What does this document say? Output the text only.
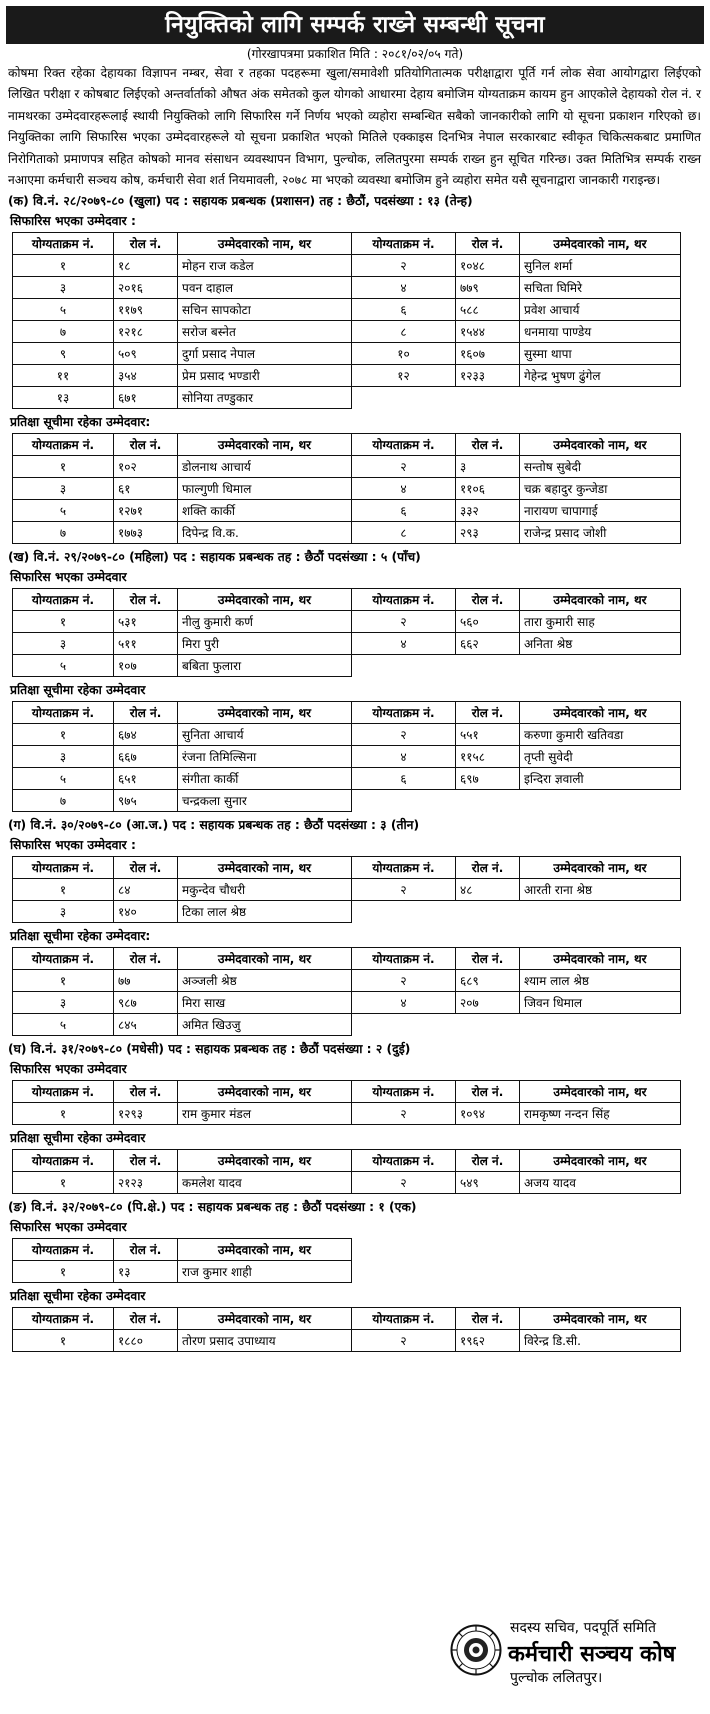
नियुक्तिको लागि सम्पर्क राख्ने सम्बन्धी सूचना
(गोरखापत्रमा प्रकाशित मिति : २०८१/०२/०५ गते)

कोषमा रिक्त रहेका देहायका विज्ञापन नम्बर, सेवा र तहका पदहरूमा खुला/समावेशी प्रतियोगितात्मक परीक्षाद्वारा पूर्ति गर्न लोक सेवा आयोगद्वारा लिईएको लिखित परीक्षा र कोषबाट लिईएको अन्तर्वार्ताको औषत अंक समेतको कुल योगको आधारमा देहाय बमोजिम योग्यताक्रम कायम हुन आएकोले देहायको रोल नं. र नामथरका उम्मेदवारहरूलाई स्थायी नियुक्तिको लागि सिफारिस गर्ने निर्णय भएको व्यहोरा सम्बन्धित सबैको जानकारीको लागि यो सूचना प्रकाशन गरिएको छ। नियुक्तिका लागि सिफारिस भएका उम्मेदवारहरूले यो सूचना प्रकाशित भएको मितिले एक्काइस दिनभित्र नेपाल सरकारबाट स्वीकृत चिकित्सकबाट प्रमाणित निरोगिताको प्रमाणपत्र सहित कोषको मानव संसाधन व्यवस्थापन विभाग, पुल्चोक, ललितपुरमा सम्पर्क राख्न हुन सूचित गरिन्छ। उक्त मितिभित्र सम्पर्क राख्न नआएमा कर्मचारी सञ्चय कोष, कर्मचारी सेवा शर्त नियमावली, २०७८ मा भएको व्यवस्था बमोजिम हुने व्यहोरा समेत यसै सूचनाद्वारा जानकारी गराइन्छ।

(क) वि.नं. २८/२०७९-८० (खुला) पद : सहायक प्रबन्धक (प्रशासन) तह : छैठौं, पदसंख्या : १३ (तेन्ह)
सिफारिस भएका उम्मेदवार :
योग्यताक्रम नं.	रोल नं.	उम्मेदवारको नाम, थर	योग्यताक्रम नं.	रोल नं.	उम्मेदवारको नाम, थर
१	१८	मोहन राज कडेल	२	१०४८	सुनिल शर्मा
३	२०१६	पवन दाहाल	४	७७९	सचिता घिमिरे
५	११७९	सचिन सापकोटा	६	५८८	प्रवेश आचार्य
७	१२१८	सरोज बस्नेत	८	१५४४	धनमाया पाण्डेय
९	५०९	दुर्गा प्रसाद नेपाल	१०	१६०७	सुस्मा थापा
११	३५४	प्रेम प्रसाद भण्डारी	१२	१२३३	गेहेन्द्र भुषण ढुंगेल
१३	६७१	सोनिया तण्डुकार			
प्रतिक्षा सूचीमा रहेका उम्मेदवार:
योग्यताक्रम नं.	रोल नं.	उम्मेदवारको नाम, थर	योग्यताक्रम नं.	रोल नं.	उम्मेदवारको नाम, थर
१	१०२	डोलनाथ आचार्य	२	३	सन्तोष सुबेदी
३	६१	फाल्गुणी धिमाल	४	११०६	चक्र बहादुर कुन्जेडा
५	१२७१	शक्ति कार्की	६	३३२	नारायण चापागाई
७	१७७३	दिपेन्द्र वि.क.	८	२९३	राजेन्द्र प्रसाद जोशी
(ख) वि.नं. २९/२०७९-८० (महिला) पद : सहायक प्रबन्धक तह : छैठौं पदसंख्या : ५ (पाँच)
सिफारिस भएका उम्मेदवार
योग्यताक्रम नं.	रोल नं.	उम्मेदवारको नाम, थर	योग्यताक्रम नं.	रोल नं.	उम्मेदवारको नाम, थर
१	५३१	नीलु कुमारी कर्ण	२	५६०	तारा कुमारी साह
३	५११	मिरा पुरी	४	६६२	अनिता श्रेष्ठ
५	१०७	बबिता फुलारा			
प्रतिक्षा सूचीमा रहेका उम्मेदवार
योग्यताक्रम नं.	रोल नं.	उम्मेदवारको नाम, थर	योग्यताक्रम नं.	रोल नं.	उम्मेदवारको नाम, थर
१	६७४	सुनिता आचार्य	२	५५१	करुणा कुमारी खतिवडा
३	६६७	रंजना तिमिल्सिना	४	११५८	तृप्ती सुवेदी
५	६५१	संगीता कार्की	६	६९७	इन्दिरा ज्ञवाली
७	९७५	चन्द्रकला सुनार			
(ग) वि.नं. ३०/२०७९-८० (आ.ज.) पद : सहायक प्रबन्धक तह : छैठौं पदसंख्या : ३ (तीन)
सिफारिस भएका उम्मेदवार :
योग्यताक्रम नं.	रोल नं.	उम्मेदवारको नाम, थर	योग्यताक्रम नं.	रोल नं.	उम्मेदवारको नाम, थर
१	८४	मकुन्देव चौधरी	२	४८	आरती राना श्रेष्ठ
३	१४०	टिका लाल श्रेष्ठ			
प्रतिक्षा सूचीमा रहेका उम्मेदवार:
योग्यताक्रम नं.	रोल नं.	उम्मेदवारको नाम, थर	योग्यताक्रम नं.	रोल नं.	उम्मेदवारको नाम, थर
१	७७	अञ्जली श्रेष्ठ	२	६८९	श्याम लाल श्रेष्ठ
३	९८७	मिरा साख	४	२०७	जिवन धिमाल
५	८४५	अमित खिउजु			
(घ) वि.नं. ३१/२०७९-८० (मधेसी) पद : सहायक प्रबन्धक तह : छैठौं पदसंख्या : २ (दुई)
सिफारिस भएका उम्मेदवार
योग्यताक्रम नं.	रोल नं.	उम्मेदवारको नाम, थर	योग्यताक्रम नं.	रोल नं.	उम्मेदवारको नाम, थर
१	१२९३	राम कुमार मंडल	२	१०९४	रामकृष्ण नन्दन सिंह
प्रतिक्षा सूचीमा रहेका उम्मेदवार
योग्यताक्रम नं.	रोल नं.	उम्मेदवारको नाम, थर	योग्यताक्रम नं.	रोल नं.	उम्मेदवारको नाम, थर
१	२१२३	कमलेश यादव	२	५४९	अजय यादव
(ङ) वि.नं. ३२/२०७९-८० (पि.क्षे.) पद : सहायक प्रबन्धक तह : छैठौं पदसंख्या : १ (एक)
सिफारिस भएका उम्मेदवार
योग्यताक्रम नं.	रोल नं.	उम्मेदवारको नाम, थर
१	१३	राज कुमार शाही
प्रतिक्षा सूचीमा रहेका उम्मेदवार
योग्यताक्रम नं.	रोल नं.	उम्मेदवारको नाम, थर	योग्यताक्रम नं.	रोल नं.	उम्मेदवारको नाम, थर
१	१८८०	तोरण प्रसाद उपाध्याय	२	१९६२	विरेन्द्र डि.सी.
सदस्य सचिव, पदपूर्ति समिति
कर्मचारी सञ्चय कोष
पुल्चोक ललितपुर।
